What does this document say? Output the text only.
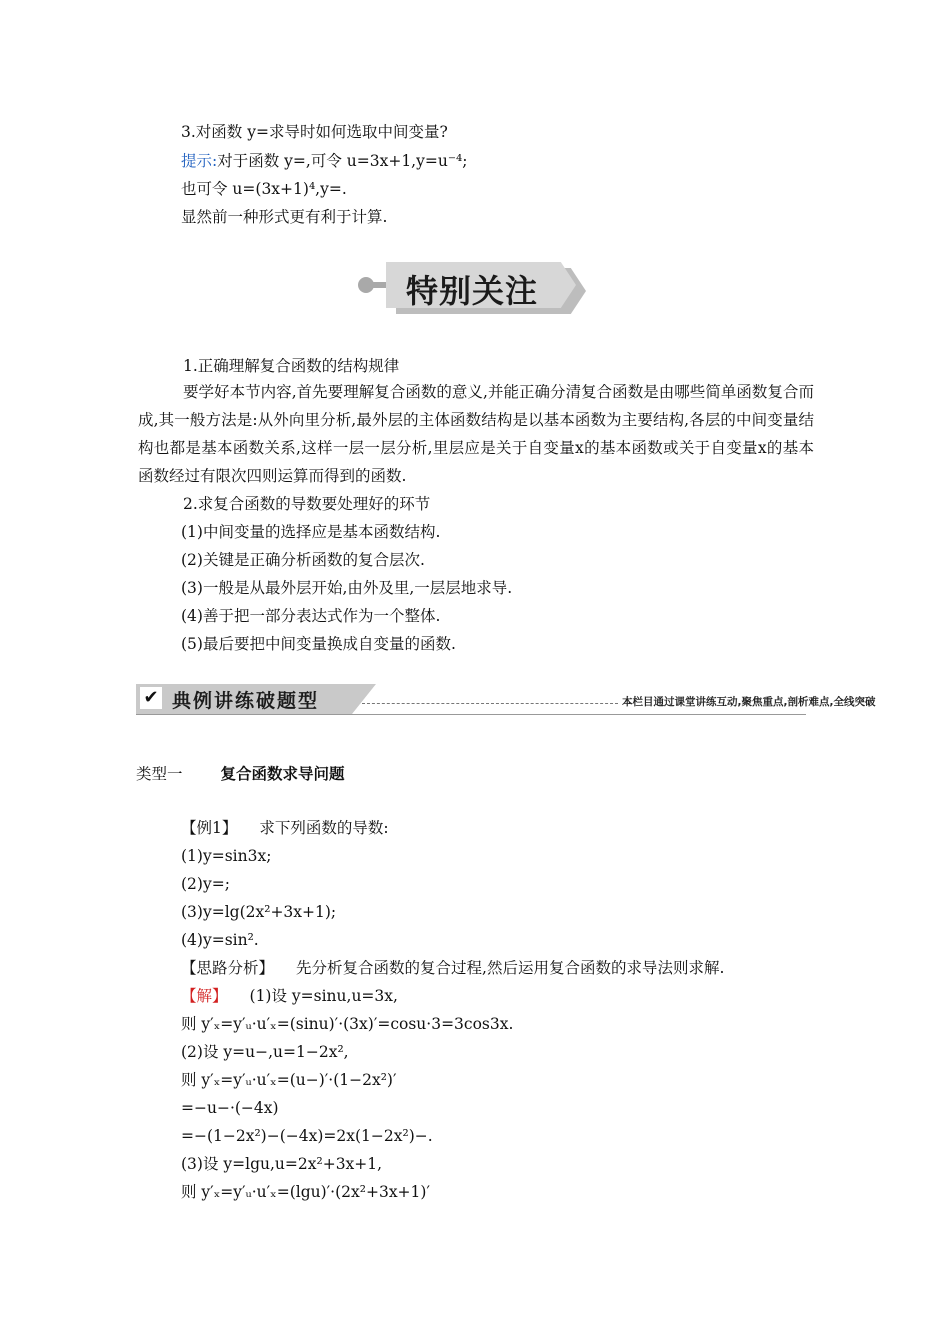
3.对函数 y=求导时如何选取中间变量?
提示:对于函数 y=,可令 u=3x+1,y=u⁻⁴;
也可令 u=(3x+1)⁴,y=.
显然前一种形式更有利于计算.
特别关注
1.正确理解复合函数的结构规律
要学好本节内容,首先要理解复合函数的意义,并能正确分清复合函数是由哪些简单函数复合而成,其一般方法是:从外向里分析,最外层的主体函数结构是以基本函数为主要结构,各层的中间变量结构也都是基本函数关系,这样一层一层分析,里层应是关于自变量x的基本函数或关于自变量x的基本函数经过有限次四则运算而得到的函数.
2.求复合函数的导数要处理好的环节
(1)中间变量的选择应是基本函数结构.
(2)关键是正确分析函数的复合层次.
(3)一般是从最外层开始,由外及里,一层层地求导.
(4)善于把一部分表达式作为一个整体.
(5)最后要把中间变量换成自变量的函数.
✔ 典例讲练破题型	本栏目通过课堂讲练互动,聚焦重点,剖析难点,全线突破
类型一 复合函数求导问题
【例1】 求下列函数的导数:
(1)y=sin3x;
(2)y=;
(3)y=lg(2x²+3x+1);
(4)y=sin².
【思路分析】 先分析复合函数的复合过程,然后运用复合函数的求导法则求解.
【解】 (1)设 y=sinu,u=3x,
则 y′ₓ=y′ᵤ·u′ₓ=(sinu)′·(3x)′=cosu·3=3cos3x.
(2)设 y=u−,u=1−2x²,
则 y′ₓ=y′ᵤ·u′ₓ=(u−)′·(1−2x²)′
=−u−·(−4x)
=−(1−2x²)−(−4x)=2x(1−2x²)−.
(3)设 y=lgu,u=2x²+3x+1,
则 y′ₓ=y′ᵤ·u′ₓ=(lgu)′·(2x²+3x+1)′
